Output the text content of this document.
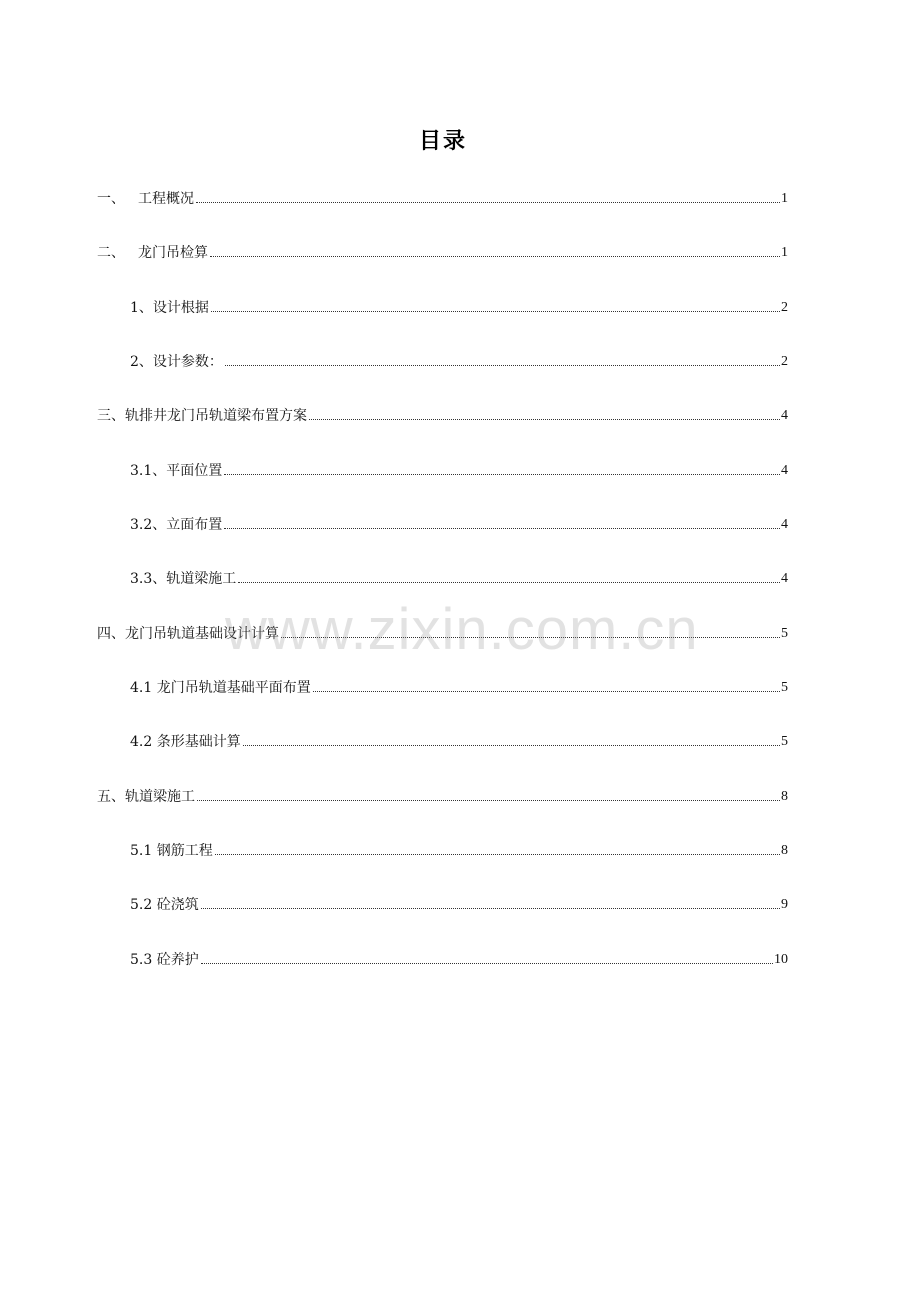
目录
一、 工程概况	1
二、 龙门吊检算	1
1、设计根据	2
2、设计参数：	2
三、轨排井龙门吊轨道梁布置方案	4
3.1、平面位置	4
3.2、立面布置	4
3.3、轨道梁施工	4
四、龙门吊轨道基础设计计算	5
4.1 龙门吊轨道基础平面布置	5
4.2 条形基础计算	5
五、轨道梁施工	8
5.1 钢筋工程	8
5.2 砼浇筑	9
5.3 砼养护	10
www.zixin.com.cn
